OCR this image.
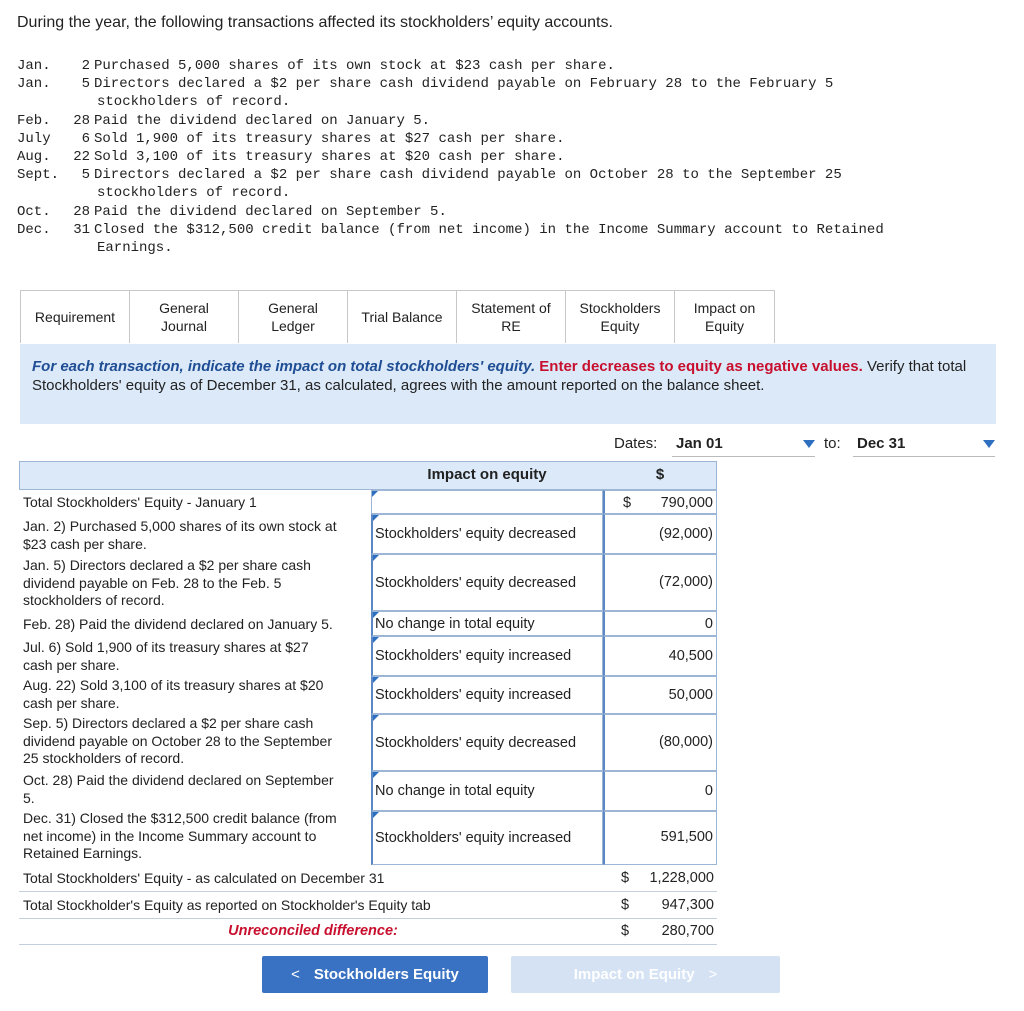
During the year, the following transactions affected its stockholders’ equity accounts.
Jan.	2 Purchased 5,000 shares of its own stock at $23 cash per share.
Jan.	5 Directors declared a $2 per share cash dividend payable on February 28 to the February 5
stockholders of record.
Feb.	28 Paid the dividend declared on January 5.
July	6 Sold 1,900 of its treasury shares at $27 cash per share.
Aug.	22 Sold 3,100 of its treasury shares at $20 cash per share.
Sept.	5 Directors declared a $2 per share cash dividend payable on October 28 to the September 25
stockholders of record.
Oct.	28 Paid the dividend declared on September 5.
Dec.	31 Closed the $312,500 credit balance (from net income) in the Income Summary account to Retained
Earnings.
Requirement
General
Journal
General
Ledger
Trial Balance
Statement of
RE
Stockholders
Equity
Impact on
Equity
For each transaction, indicate the impact on total stockholders' equity. Enter decreases to equity as negative values. Verify that total Stockholders' equity as of December 31, as calculated, agrees with the amount reported on the balance sheet.
Dates: Jan 01	to: Dec 31
Impact on equity	$
Total Stockholders' Equity - January 1	$ 790,000
Jan. 2) Purchased 5,000 shares of its own stock at
$23 cash per share.
Stockholders' equity decreased	(92,000)
Jan. 5) Directors declared a $2 per share cash
dividend payable on Feb. 28 to the Feb. 5
stockholders of record.
Stockholders' equity decreased	(72,000)
Feb. 28) Paid the dividend declared on January 5.	No change in total equity	0
Jul. 6) Sold 1,900 of its treasury shares at $27
cash per share.
Stockholders' equity increased	40,500
Aug. 22) Sold 3,100 of its treasury shares at $20
cash per share.	Stockholders' equity increased	50,000
Sep. 5) Directors declared a $2 per share cash
dividend payable on October 28 to the September
25 stockholders of record.
Stockholders' equity decreased	(80,000)
Oct. 28) Paid the dividend declared on September
5.	No change in total equity	0
Dec. 31) Closed the $312,500 credit balance (from
net income) in the Income Summary account to
Retained Earnings.
Stockholders' equity increased	591,500
Total Stockholders' Equity - as calculated on December 31	$ 1,228,000
Total Stockholder's Equity as reported on Stockholder's Equity tab	$ 947,300
Unreconciled difference:	$ 280,700
< Stockholders Equity	Impact on Equity >
